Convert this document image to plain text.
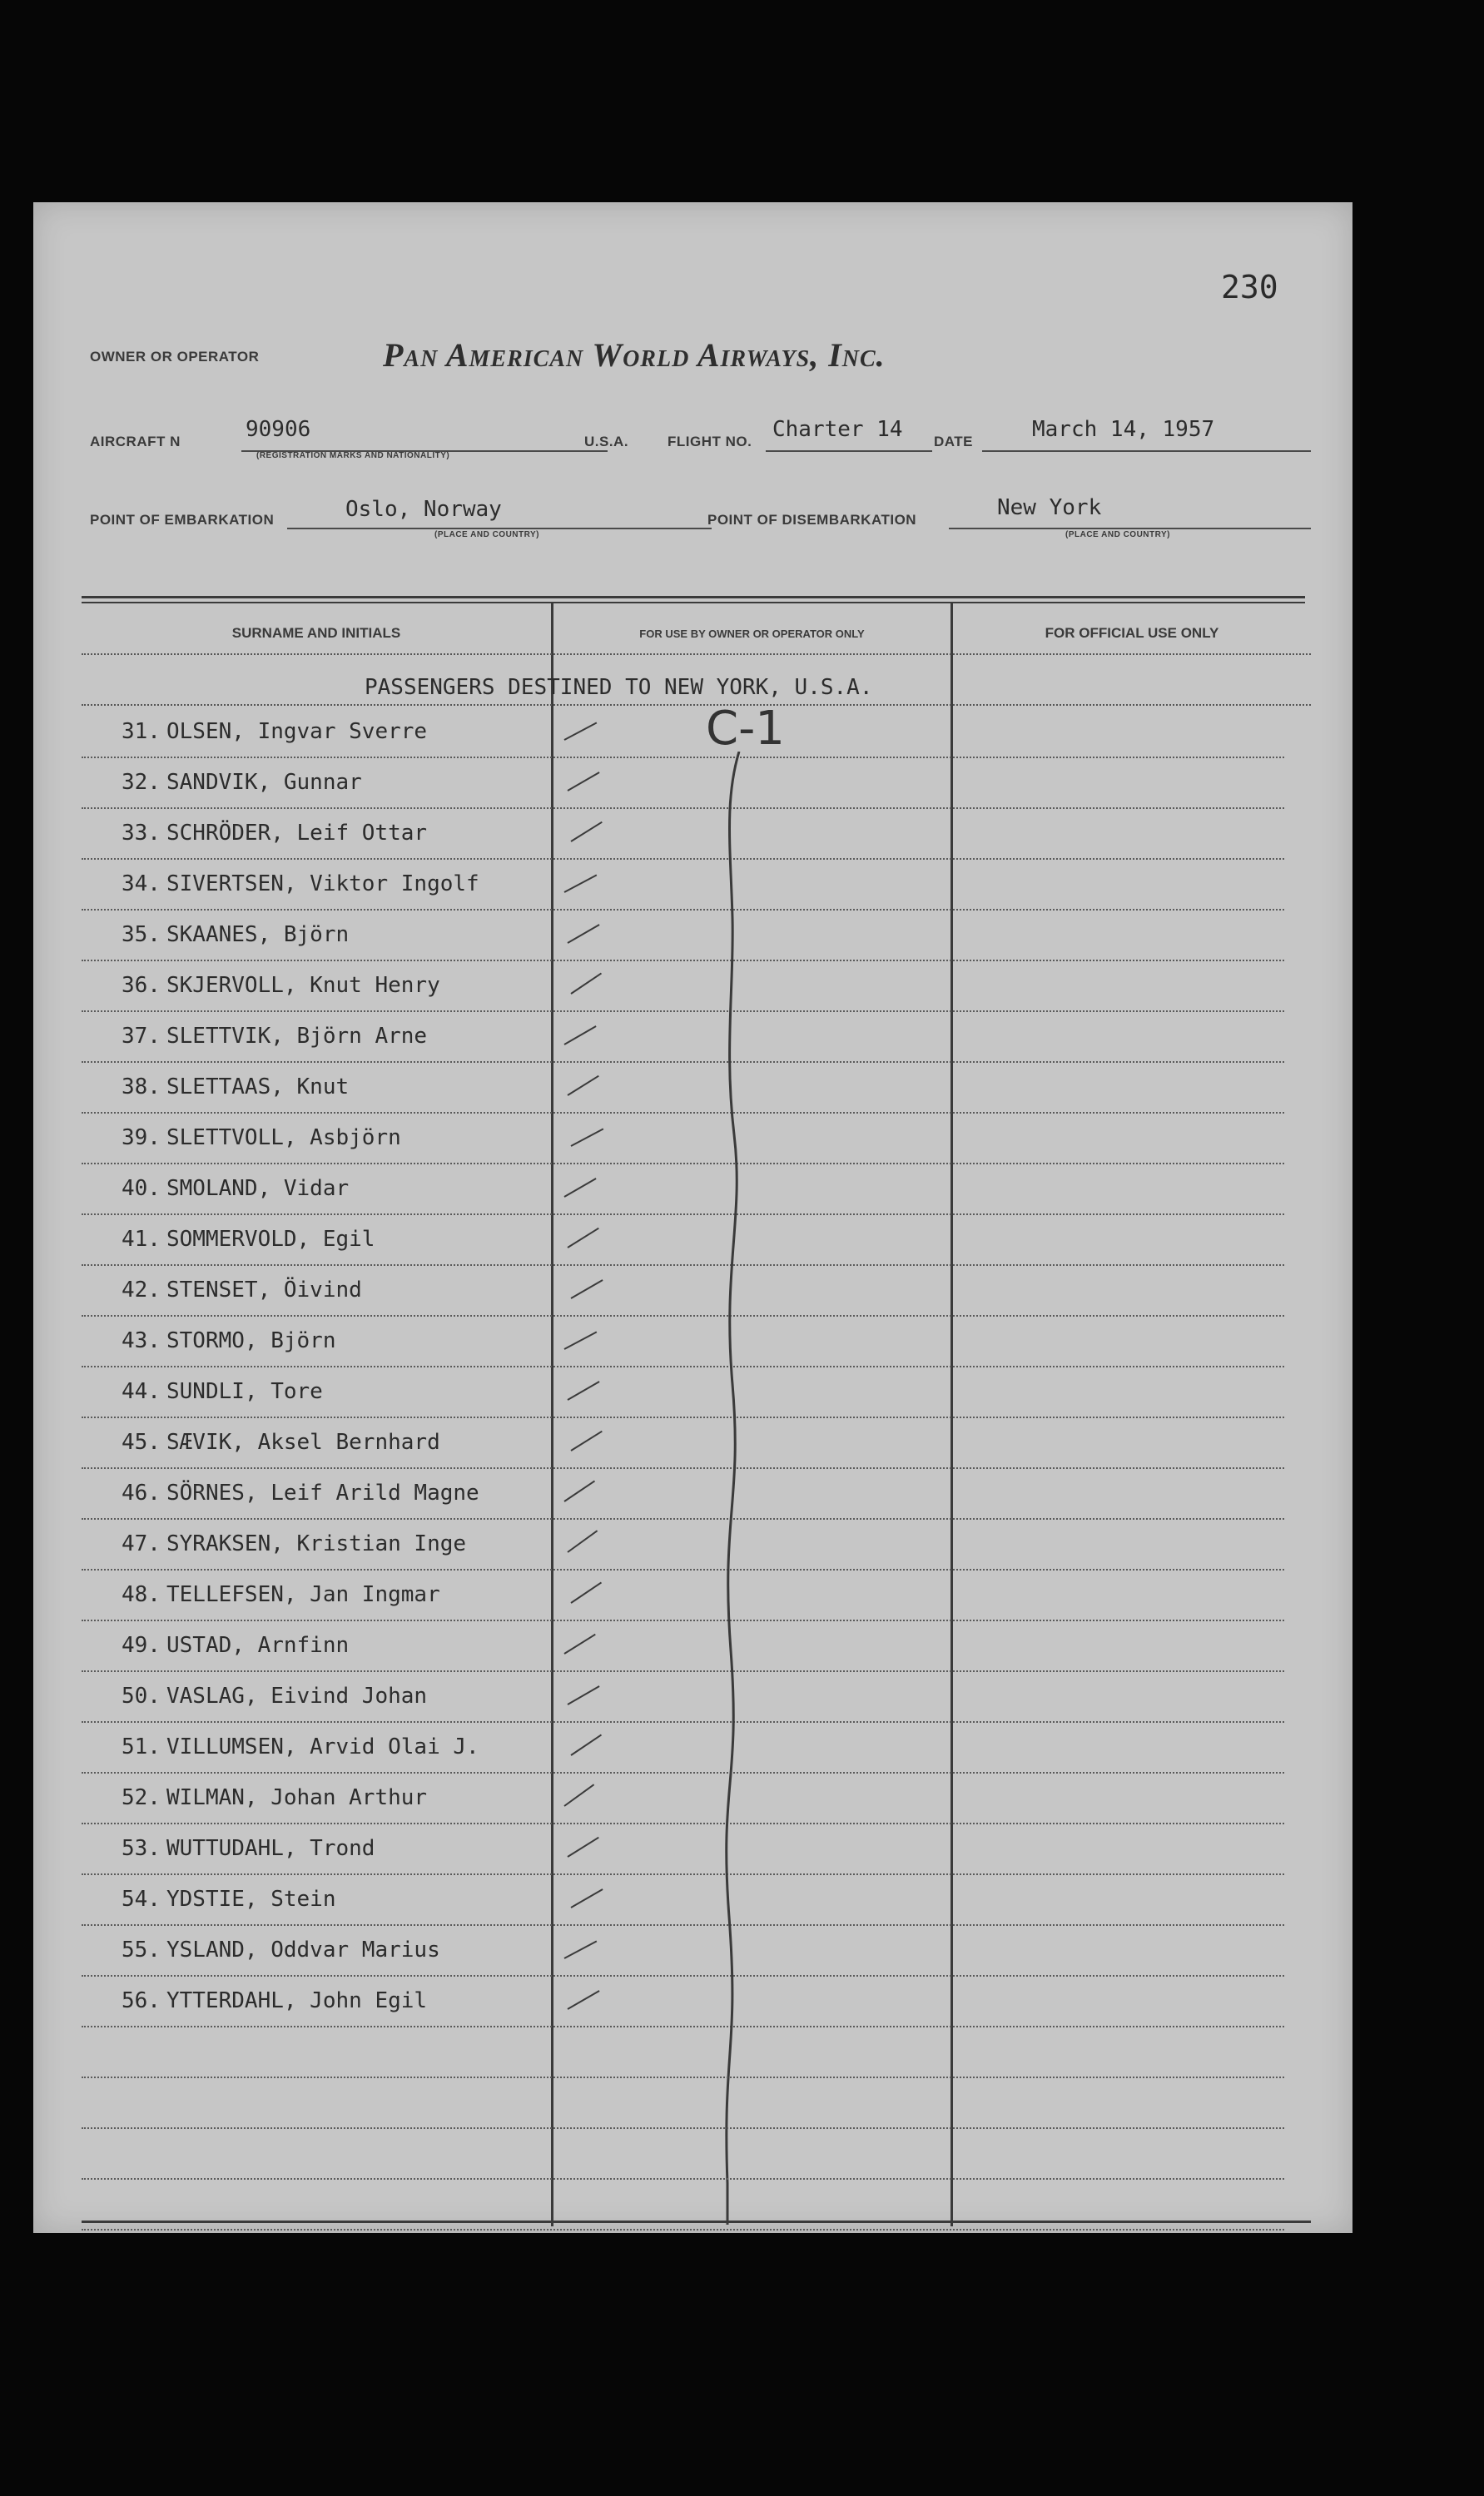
230
OWNER OR OPERATOR	Pan American World Airways, Inc.
AIRCRAFT N	90906
(REGISTRATION MARKS AND NATIONALITY)
U.S.A.	FLIGHT NO. Charter 14 DATE	March 14, 1957
POINT OF EMBARKATION	Oslo, Norway
(PLACE AND COUNTRY)
POINT OF DISEMBARKATION	New York
(PLACE AND COUNTRY)
SURNAME AND INITIALS	FOR USE BY OWNER OR OPERATOR ONLY	FOR OFFICIAL USE ONLY
PASSENGERS DESTINED TO NEW YORK, U.S.A.
31. OLSEN, Ingvar Sverre
32. SANDVIK, Gunnar
33. SCHRÖDER, Leif Ottar
34. SIVERTSEN, Viktor Ingolf
35. SKAANES, Björn
36. SKJERVOLL, Knut Henry
37. SLETTVIK, Björn Arne
38. SLETTAAS, Knut
39. SLETTVOLL, Asbjörn
40. SMOLAND, Vidar
41. SOMMERVOLD, Egil
42. STENSET, Öivind
43. STORMO, Björn
44. SUNDLI, Tore
45. SÆVIK, Aksel Bernhard
46. SÖRNES, Leif Arild Magne
47. SYRAKSEN, Kristian Inge
48. TELLEFSEN, Jan Ingmar
49. USTAD, Arnfinn
50. VASLAG, Eivind Johan
51. VILLUMSEN, Arvid Olai J.
52. WILMAN, Johan Arthur
53. WUTTUDAHL, Trond
54. YDSTIE, Stein
55. YSLAND, Oddvar Marius
56. YTTERDAHL, John Egil
C-1
